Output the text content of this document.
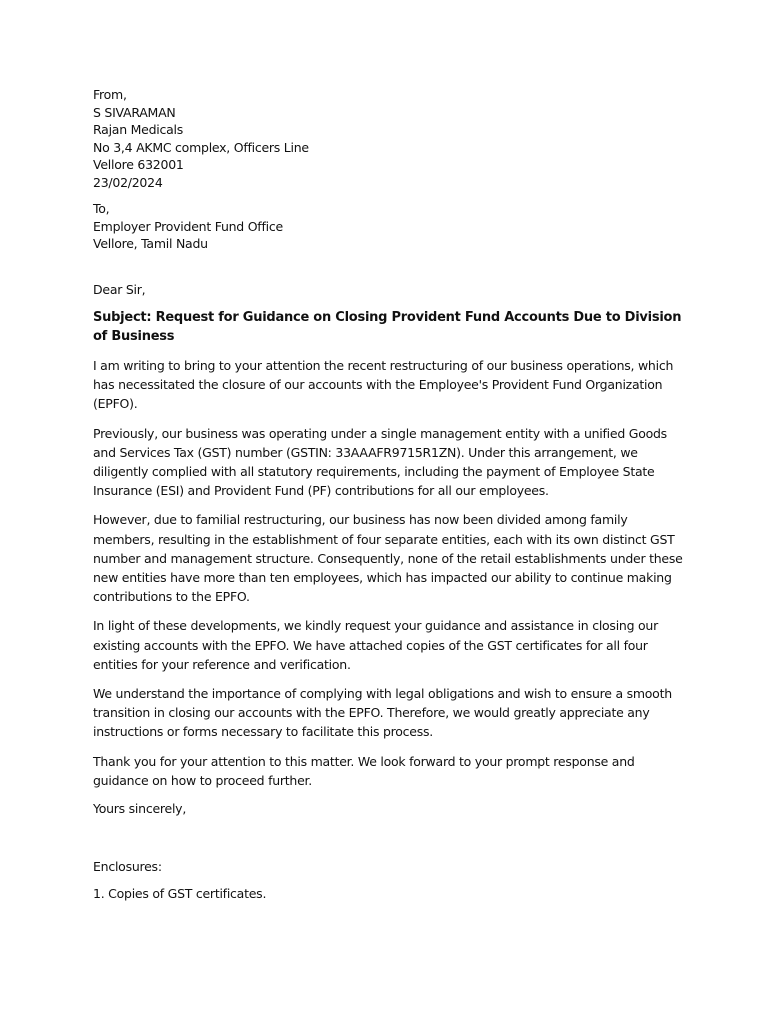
From,
S SIVARAMAN
Rajan Medicals
No 3,4 AKMC complex, Officers Line
Vellore 632001
23/02/2024
To,
Employer Provident Fund Office
Vellore, Tamil Nadu
Dear Sir,
Subject: Request for Guidance on Closing Provident Fund Accounts Due to Division of Business

I am writing to bring to your attention the recent restructuring of our business operations, which has necessitated the closure of our accounts with the Employee's Provident Fund Organization (EPFO).

Previously, our business was operating under a single management entity with a unified Goods and Services Tax (GST) number (GSTIN: 33AAAFR9715R1ZN). Under this arrangement, we diligently complied with all statutory requirements, including the payment of Employee State Insurance (ESI) and Provident Fund (PF) contributions for all our employees.

However, due to familial restructuring, our business has now been divided among family members, resulting in the establishment of four separate entities, each with its own distinct GST number and management structure. Consequently, none of the retail establishments under these new entities have more than ten employees, which has impacted our ability to continue making contributions to the EPFO.

In light of these developments, we kindly request your guidance and assistance in closing our existing accounts with the EPFO. We have attached copies of the GST certificates for all four entities for your reference and verification.

We understand the importance of complying with legal obligations and wish to ensure a smooth transition in closing our accounts with the EPFO. Therefore, we would greatly appreciate any instructions or forms necessary to facilitate this process.

Thank you for your attention to this matter. We look forward to your prompt response and guidance on how to proceed further.

Yours sincerely,
Enclosures:
1. Copies of GST certificates.
